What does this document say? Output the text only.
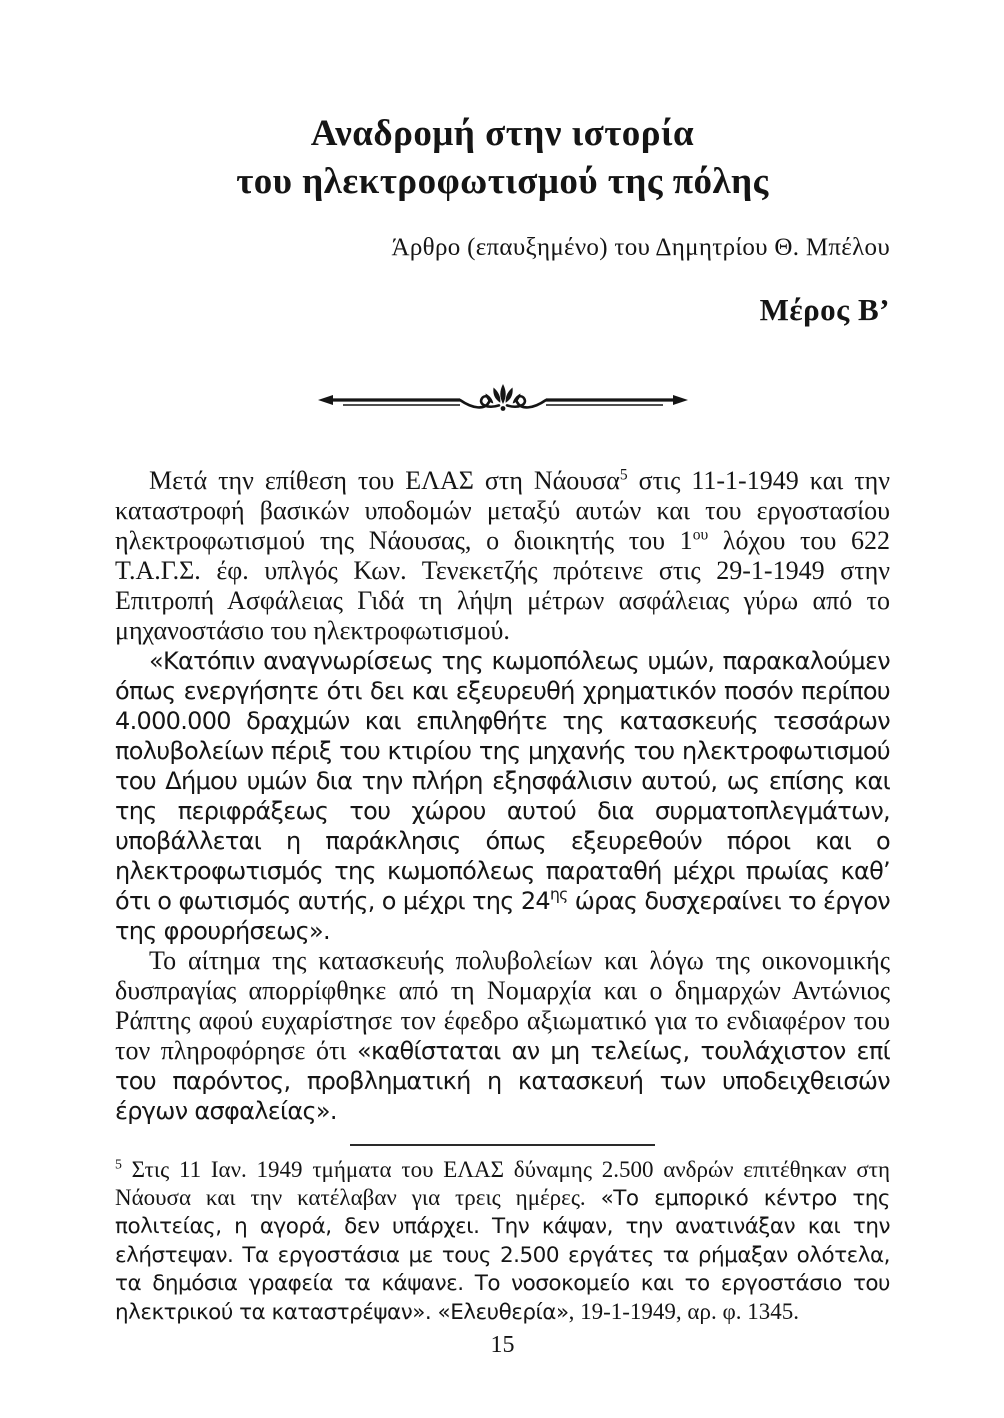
Αναδρομή στην ιστορία
του ηλεκτροφωτισμού της πόλης
Άρθρο (επαυξημένο) του Δημητρίου Θ. Μπέλου
Μέρος Β’

Μετά την επίθεση του ΕΛΑΣ στη Νάουσα$^5$ στις 11-1-1949 και την καταστροφή βασικών υποδομών μεταξύ αυτών και του εργοστασίου ηλεκτροφωτισμού της Νάουσας, ο διοικητής του $1^{o\upsilon}$ λόχου του 622 Τ.Α.Γ.Σ. έφ. υπλγός Κων. Τενεκετζής πρότεινε στις 29-1-1949 στην Επιτροπή Ασφάλειας Γιδά τη λήψη μέτρων ασφάλειας γύρω από το μηχανοστάσιο του ηλεκτροφωτισμού.

«Κατόπιν αναγνωρίσεως της κωμοπόλεως υμών, παρακαλούμεν όπως ενεργήσητε ότι δει και εξευρευθή χρηματικόν ποσόν περίπου 4.000.000 δραχμών και επιληφθήτε της κατασκευής τεσσάρων πολυβολείων πέριξ του κτιρίου της μηχανής του ηλεκτροφωτισμού του Δήμου υμών δια την πλήρη εξησφάλισιν αυτού, ως επίσης και της περιφράξεως του χώρου αυτού δια συρματοπλεγμάτων, υποβάλλεται η παράκλησις όπως εξευρεθούν πόροι και ο ηλεκτροφωτισμός της κωμοπόλεως παραταθή μέχρι πρωίας καθ’ ότι ο φωτισμός αυτής, ο μέχρι της $24^{\eta\varsigma}$ ώρας δυσχεραίνει το έργον της φρουρήσεως».

Το αίτημα της κατασκευής πολυβολείων και λόγω της οικονομικής δυσπραγίας απορρίφθηκε από τη Νομαρχία και ο δημαρχών Αντώνιος Ράπτης αφού ευχαρίστησε τον έφεδρο αξιωματικό για το ενδιαφέρον του τον πληροφόρησε ότι «καθίσταται αν μη τελείως, τουλάχιστον επί του παρόντος, προβληματική η κατασκευή των υποδειχθεισών έργων ασφαλείας».

$^5$ Στις 11 Ιαν. 1949 τμήματα του ΕΛΑΣ δύναμης 2.500 ανδρών επιτέθηκαν στη Νάουσα και την κατέλαβαν για τρεις ημέρες. «Το εμπορικό κέντρο της πολιτείας, η αγορά, δεν υπάρχει. Την κάψαν, την ανατινάξαν και την ελήστεψαν. Τα εργοστάσια με τους 2.500 εργάτες τα ρήμαξαν ολότελα, τα δημόσια γραφεία τα κάψανε. Το νοσοκομείο και το εργοστάσιο του ηλεκτρικού τα καταστρέψαν». «Ελευθερία», 19-1-1949, αρ. φ. 1345.
15
